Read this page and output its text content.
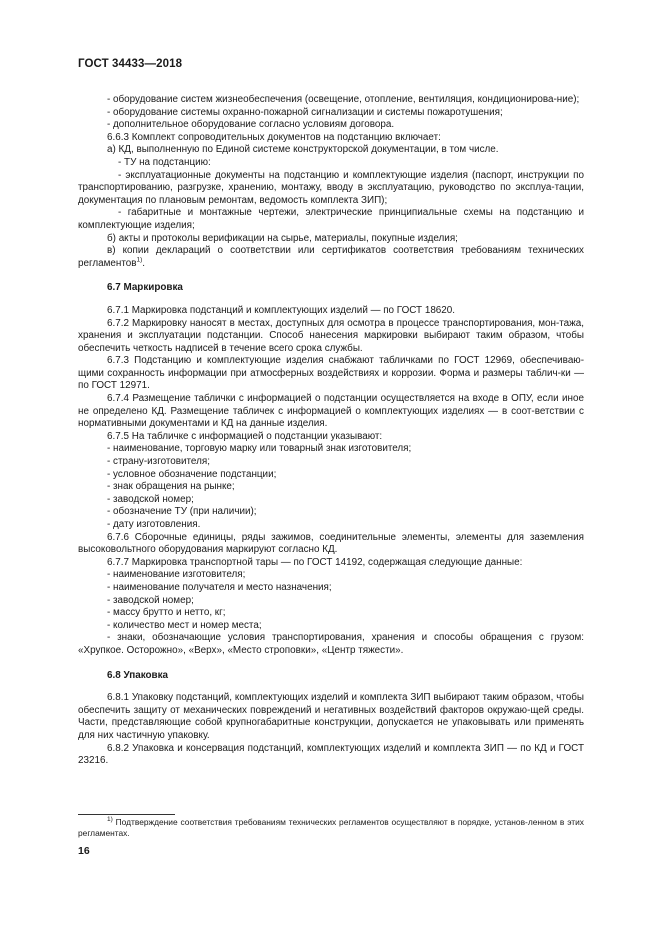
ГОСТ 34433—2018

- оборудование систем жизнеобеспечения (освещение, отопление, вентиляция, кондиционирова-ние);

- оборудование системы охранно-пожарной сигнализации и системы пожаротушения;

- дополнительное оборудование согласно условиям договора.

6.6.3 Комплект сопроводительных документов на подстанцию включает:

а) КД, выполненную по Единой системе конструкторской документации, в том числе.

- ТУ на подстанцию:

- эксплуатационные документы на подстанцию и комплектующие изделия (паспорт, инструкции по транспортированию, разгрузке, хранению, монтажу, вводу в эксплуатацию, руководство по эксплуа-тации, документация по плановым ремонтам, ведомость комплекта ЗИП);

- габаритные и монтажные чертежи, электрические принципиальные схемы на подстанцию и комплектующие изделия;

б) акты и протоколы верификации на сырье, материалы, покупные изделия;

в) копии деклараций о соответствии или сертификатов соответствия требованиям технических регламентов$^{1)}$.

6.7 Маркировка

6.7.1 Маркировка подстанций и комплектующих изделий — по ГОСТ 18620.

6.7.2 Маркировку наносят в местах, доступных для осмотра в процессе транспортирования, мон-тажа, хранения и эксплуатации подстанции. Способ нанесения маркировки выбирают таким образом, чтобы обеспечить четкость надписей в течение всего срока службы.

6.7.3 Подстанцию и комплектующие изделия снабжают табличками по ГОСТ 12969, обеспечиваю-щими сохранность информации при атмосферных воздействиях и коррозии. Форма и размеры таблич-ки — по ГОСТ 12971.

6.7.4 Размещение таблички с информацией о подстанции осуществляется на входе в ОПУ, если иное не определено КД. Размещение табличек с информацией о комплектующих изделиях — в соот-ветствии с нормативными документами и КД на данные изделия.

6.7.5 На табличке с информацией о подстанции указывают:

- наименование, торговую марку или товарный знак изготовителя;

- страну-изготовителя;

- условное обозначение подстанции;

- знак обращения на рынке;

- заводской номер;

- обозначение ТУ (при наличии);

- дату изготовления.

6.7.6 Сборочные единицы, ряды зажимов, соединительные элементы, элементы для заземления высоковольтного оборудования маркируют согласно КД.

6.7.7 Маркировка транспортной тары — по ГОСТ 14192, содержащая следующие данные:

- наименование изготовителя;

- наименование получателя и место назначения;

- заводской номер;

- массу брутто и нетто, кг;

- количество мест и номер места;

- знаки, обозначающие условия транспортирования, хранения и способы обращения с грузом: «Хрупкое. Осторожно», «Верх», «Место строповки», «Центр тяжести».

6.8 Упаковка

6.8.1 Упаковку подстанций, комплектующих изделий и комплекта ЗИП выбирают таким образом, чтобы обеспечить защиту от механических повреждений и негативных воздействий факторов окружаю-щей среды. Части, представляющие собой крупногабаритные конструкции, допускается не упаковывать или применять для них частичную упаковку.

6.8.2 Упаковка и консервация подстанций, комплектующих изделий и комплекта ЗИП — по КД и ГОСТ 23216.

$^{1)}$ Подтверждение соответствия требованиям технических регламентов осуществляют в порядке, установ-ленном в этих регламентах.

16
